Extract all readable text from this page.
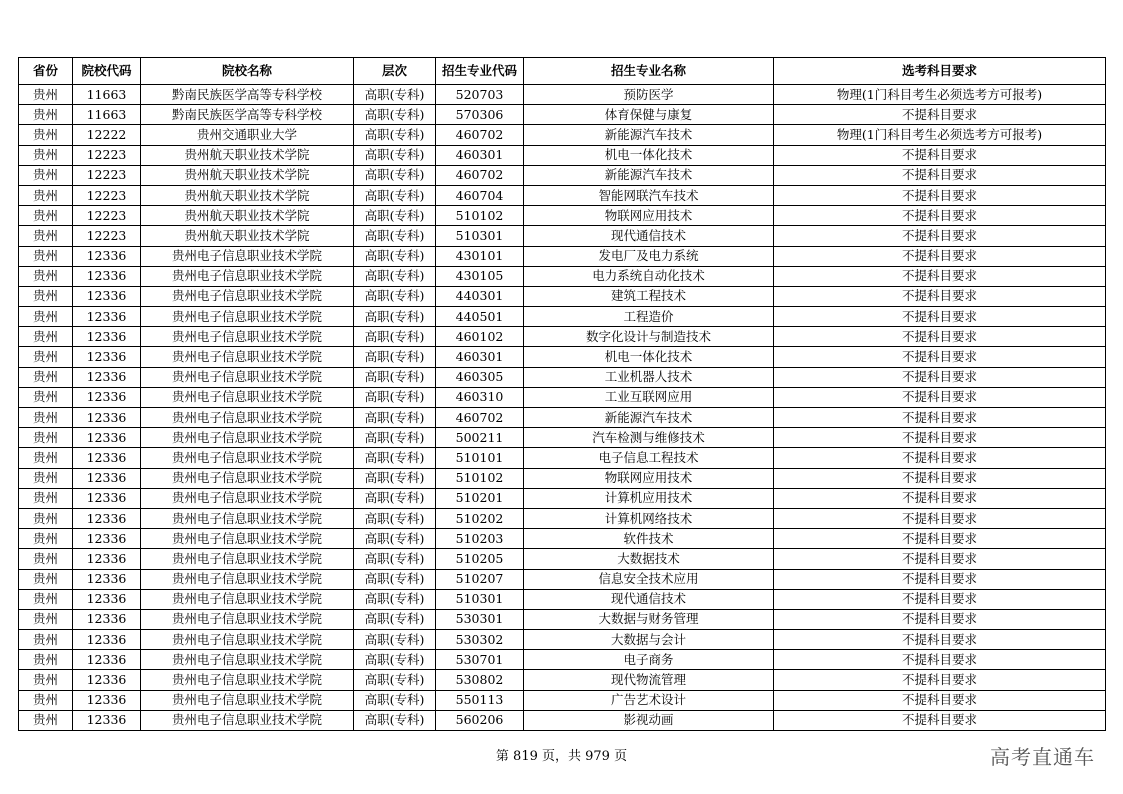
省份	院校代码	院校名称	层次	招生专业代码	招生专业名称	选考科目要求
贵州	11663	黔南民族医学高等专科学校	高职(专科)	520703	预防医学	物理(1门科目考生必须选考方可报考)
贵州	11663	黔南民族医学高等专科学校	高职(专科)	570306	体育保健与康复	不提科目要求
贵州	12222	贵州交通职业大学	高职(专科)	460702	新能源汽车技术	物理(1门科目考生必须选考方可报考)
贵州	12223	贵州航天职业技术学院	高职(专科)	460301	机电一体化技术	不提科目要求
贵州	12223	贵州航天职业技术学院	高职(专科)	460702	新能源汽车技术	不提科目要求
贵州	12223	贵州航天职业技术学院	高职(专科)	460704	智能网联汽车技术	不提科目要求
贵州	12223	贵州航天职业技术学院	高职(专科)	510102	物联网应用技术	不提科目要求
贵州	12223	贵州航天职业技术学院	高职(专科)	510301	现代通信技术	不提科目要求
贵州	12336	贵州电子信息职业技术学院	高职(专科)	430101	发电厂及电力系统	不提科目要求
贵州	12336	贵州电子信息职业技术学院	高职(专科)	430105	电力系统自动化技术	不提科目要求
贵州	12336	贵州电子信息职业技术学院	高职(专科)	440301	建筑工程技术	不提科目要求
贵州	12336	贵州电子信息职业技术学院	高职(专科)	440501	工程造价	不提科目要求
贵州	12336	贵州电子信息职业技术学院	高职(专科)	460102	数字化设计与制造技术	不提科目要求
贵州	12336	贵州电子信息职业技术学院	高职(专科)	460301	机电一体化技术	不提科目要求
贵州	12336	贵州电子信息职业技术学院	高职(专科)	460305	工业机器人技术	不提科目要求
贵州	12336	贵州电子信息职业技术学院	高职(专科)	460310	工业互联网应用	不提科目要求
贵州	12336	贵州电子信息职业技术学院	高职(专科)	460702	新能源汽车技术	不提科目要求
贵州	12336	贵州电子信息职业技术学院	高职(专科)	500211	汽车检测与维修技术	不提科目要求
贵州	12336	贵州电子信息职业技术学院	高职(专科)	510101	电子信息工程技术	不提科目要求
贵州	12336	贵州电子信息职业技术学院	高职(专科)	510102	物联网应用技术	不提科目要求
贵州	12336	贵州电子信息职业技术学院	高职(专科)	510201	计算机应用技术	不提科目要求
贵州	12336	贵州电子信息职业技术学院	高职(专科)	510202	计算机网络技术	不提科目要求
贵州	12336	贵州电子信息职业技术学院	高职(专科)	510203	软件技术	不提科目要求
贵州	12336	贵州电子信息职业技术学院	高职(专科)	510205	大数据技术	不提科目要求
贵州	12336	贵州电子信息职业技术学院	高职(专科)	510207	信息安全技术应用	不提科目要求
贵州	12336	贵州电子信息职业技术学院	高职(专科)	510301	现代通信技术	不提科目要求
贵州	12336	贵州电子信息职业技术学院	高职(专科)	530301	大数据与财务管理	不提科目要求
贵州	12336	贵州电子信息职业技术学院	高职(专科)	530302	大数据与会计	不提科目要求
贵州	12336	贵州电子信息职业技术学院	高职(专科)	530701	电子商务	不提科目要求
贵州	12336	贵州电子信息职业技术学院	高职(专科)	530802	现代物流管理	不提科目要求
贵州	12336	贵州电子信息职业技术学院	高职(专科)	550113	广告艺术设计	不提科目要求
贵州	12336	贵州电子信息职业技术学院	高职(专科)	560206	影视动画	不提科目要求
第 819 页，共 979 页	高考直通车
